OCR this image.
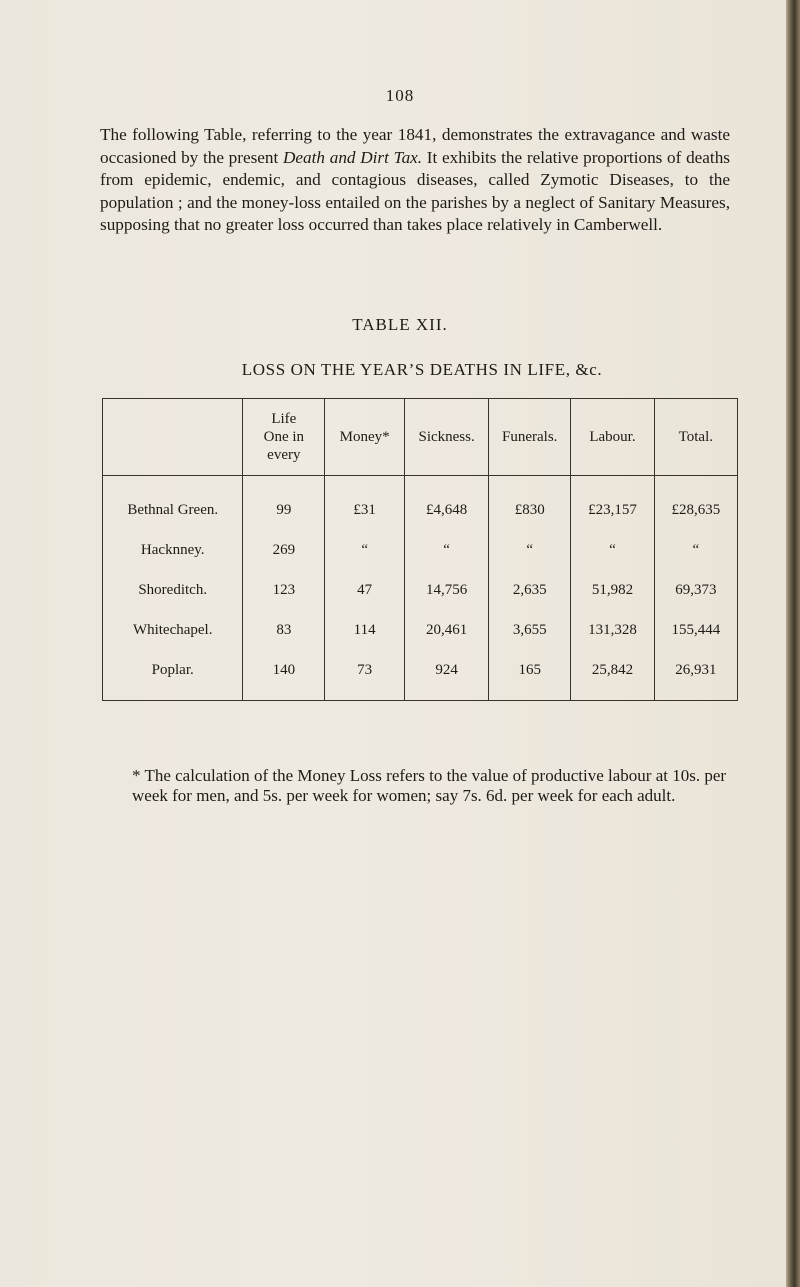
108

The following Table, referring to the year 1841, demonstrates the extravagance and waste occasioned by the present Death and Dirt Tax. It exhibits the relative proportions of deaths from epidemic, endemic, and contagious diseases, called Zymotic Diseases, to the population ; and the money-loss entailed on the parishes by a neglect of Sanitary Measures, supposing that no greater loss occurred than takes place relatively in Camberwell.

TABLE XII.
LOSS ON THE YEAR’S DEATHS IN LIFE, &c.

	Life
One in
every	Money*	Sickness.	Funerals.	Labour.	Total.
Bethnal Green.	99	£31	£4,648	£830	£23,157	£28,635
Hacknney.	269	“	“	“	“	“
Shoreditch.	123	47	14,756	2,635	51,982	69,373
Whitechapel.	83	114	20,461	3,655	131,328	155,444
Poplar.	140	73	924	165	25,842	26,931

* The calculation of the Money Loss refers to the value of productive labour at 10s. per week for men, and 5s. per week for women; say 7s. 6d. per week for each adult.
